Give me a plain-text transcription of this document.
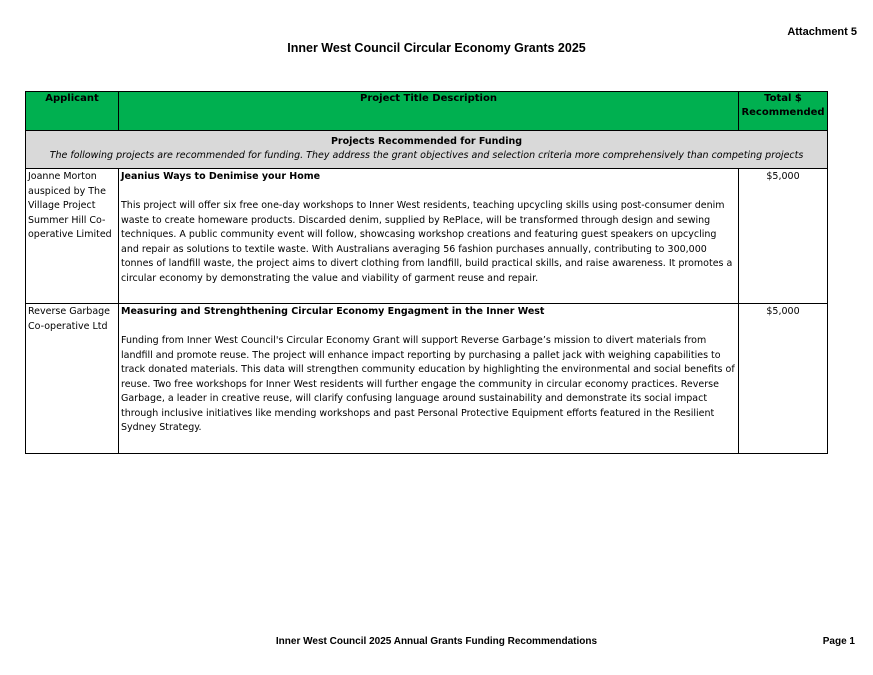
Attachment 5
Inner West Council Circular Economy Grants 2025
Applicant	Project Title Description	Total $ Recommended

Projects Recommended for Funding
The following projects are recommended for funding. They address the grant objectives and selection criteria more comprehensively than competing projects		

Joanne Morton auspiced by The Village Project Summer Hill Co-operative Limited	Jeanius Ways to Denimise your Home
This project will offer six free one-day workshops to Inner West residents, teaching upcycling skills using post-consumer denim waste to create homeware products. Discarded denim, supplied by RePlace, will be transformed through design and sewing techniques. A public community event will follow, showcasing workshop creations and featuring guest speakers on upcycling and repair as solutions to textile waste. With Australians averaging 56 fashion purchases annually, contributing to 300,000 tonnes of landfill waste, the project aims to divert clothing from landfill, build practical skills, and raise awareness. It promotes a circular economy by demonstrating the value and viability of garment reuse and repair.	$5,000
Reverse Garbage Co-operative Ltd	Measuring and Strenghthening Circular Economy Engagment in the Inner West
Funding from Inner West Council's Circular Economy Grant will support Reverse Garbage’s mission to divert materials from landfill and promote reuse. The project will enhance impact reporting by purchasing a pallet jack with weighing capabilities to track donated materials. This data will strengthen community education by highlighting the environmental and social benefits of reuse. Two free workshops for Inner West residents will further engage the community in circular economy practices. Reverse Garbage, a leader in creative reuse, will clarify confusing language around sustainability and demonstrate its social impact through inclusive initiatives like mending workshops and past Personal Protective Equipment efforts featured in the Resilient Sydney Strategy.	$5,000
Inner West Council 2025 Annual Grants Funding Recommendations	Page 1
